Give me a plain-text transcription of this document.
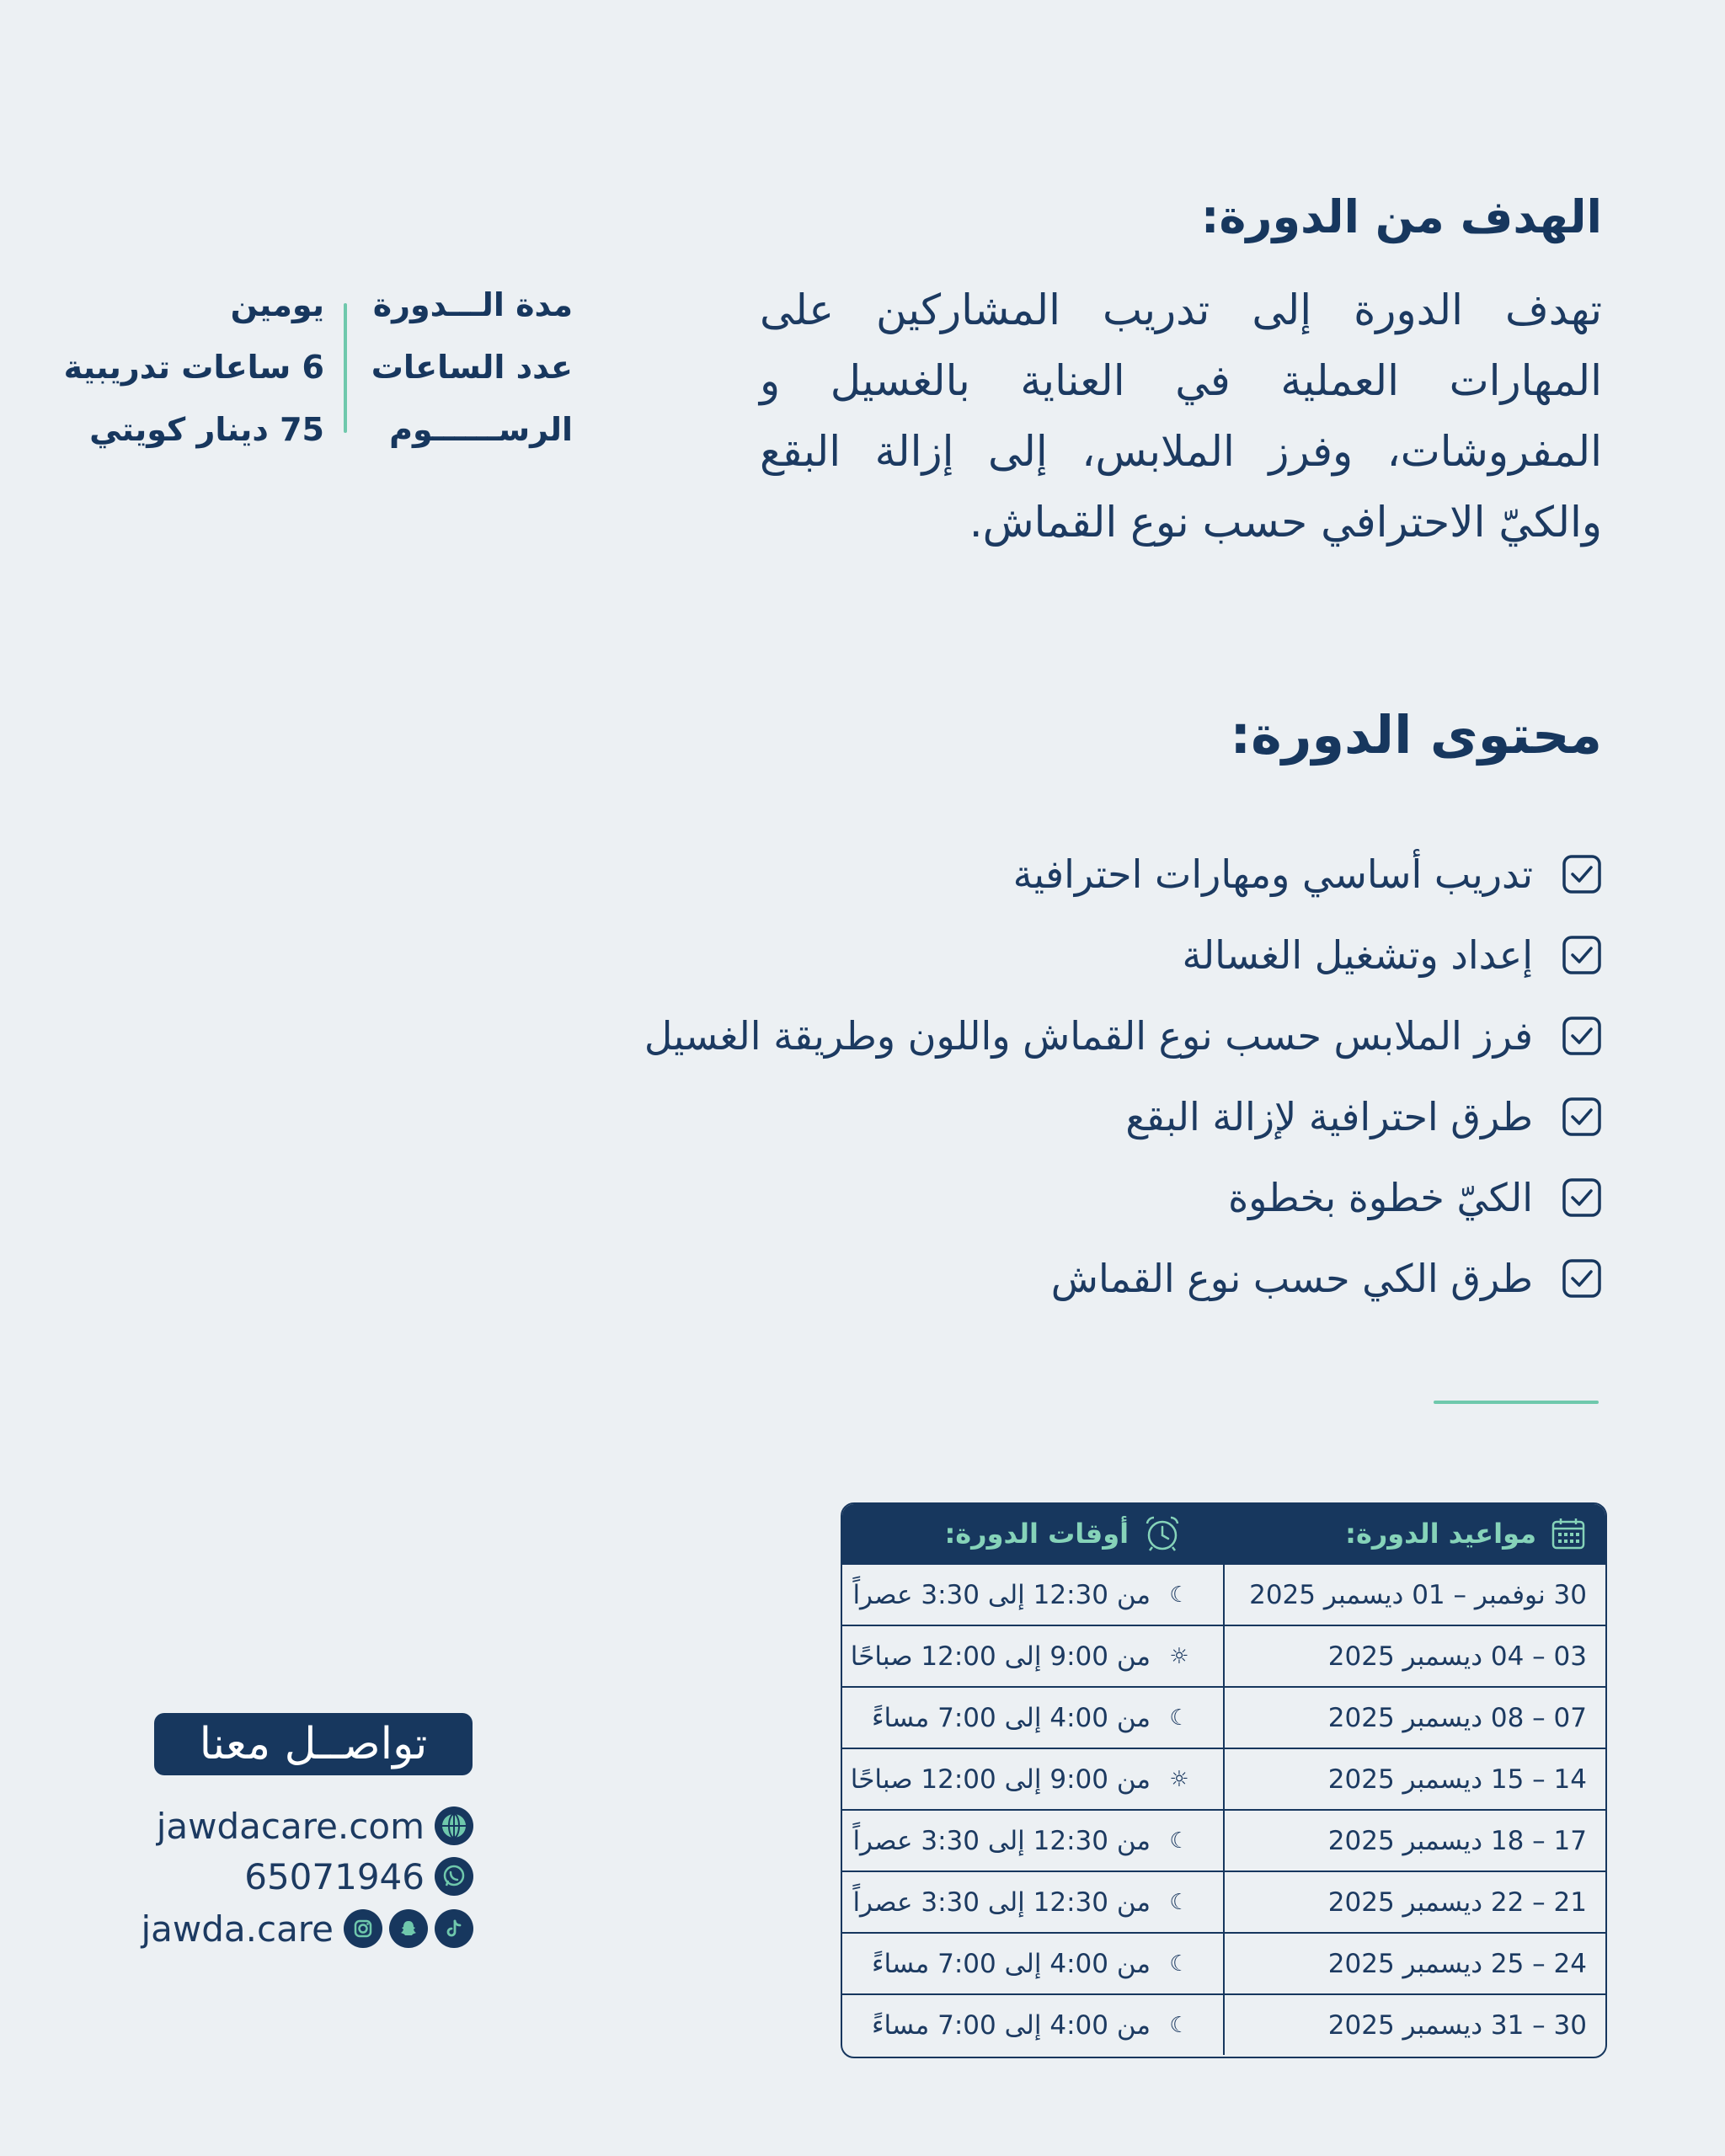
الهدف من الدورة:

تهدف الدورة إلى تدريب المشاركين على المهارات العملية في العناية بالغسيل و المفروشات، وفرز الملابس، إلى إزالة البقع والكيّ الاحترافي حسب نوع القماش.

مدة الـــدورة
يومين
عدد الساعات
6 ساعات تدريبية
الرســــــوم
75 دينار كويتي
محتوى الدورة:
تدريب أساسي ومهارات احترافية
إعداد وتشغيل الغسالة
فرز الملابس حسب نوع القماش واللون وطريقة الغسيل
طرق احترافية لإزالة البقع
الكيّ خطوة بخطوة
طرق الكي حسب نوع القماش
مواعيد الدورة:
أوقات الدورة:
30 نوفمبر – 01 ديسمبر 2025
☾
من 12:30 إلى 3:30 عصراً
03 – 04 ديسمبر 2025
☼
من 9:00 إلى 12:00 صباحًا
07 – 08 ديسمبر 2025
☾
من 4:00 إلى 7:00 مساءً
14 – 15 ديسمبر 2025
☼
من 9:00 إلى 12:00 صباحًا
17 – 18 ديسمبر 2025
☾
من 12:30 إلى 3:30 عصراً
21 – 22 ديسمبر 2025
☾
من 12:30 إلى 3:30 عصراً
24 – 25 ديسمبر 2025
☾
من 4:00 إلى 7:00 مساءً
30 – 31 ديسمبر 2025
☾
من 4:00 إلى 7:00 مساءً
تواصــل معنا
jawdacare.com
65071946
jawda.care
